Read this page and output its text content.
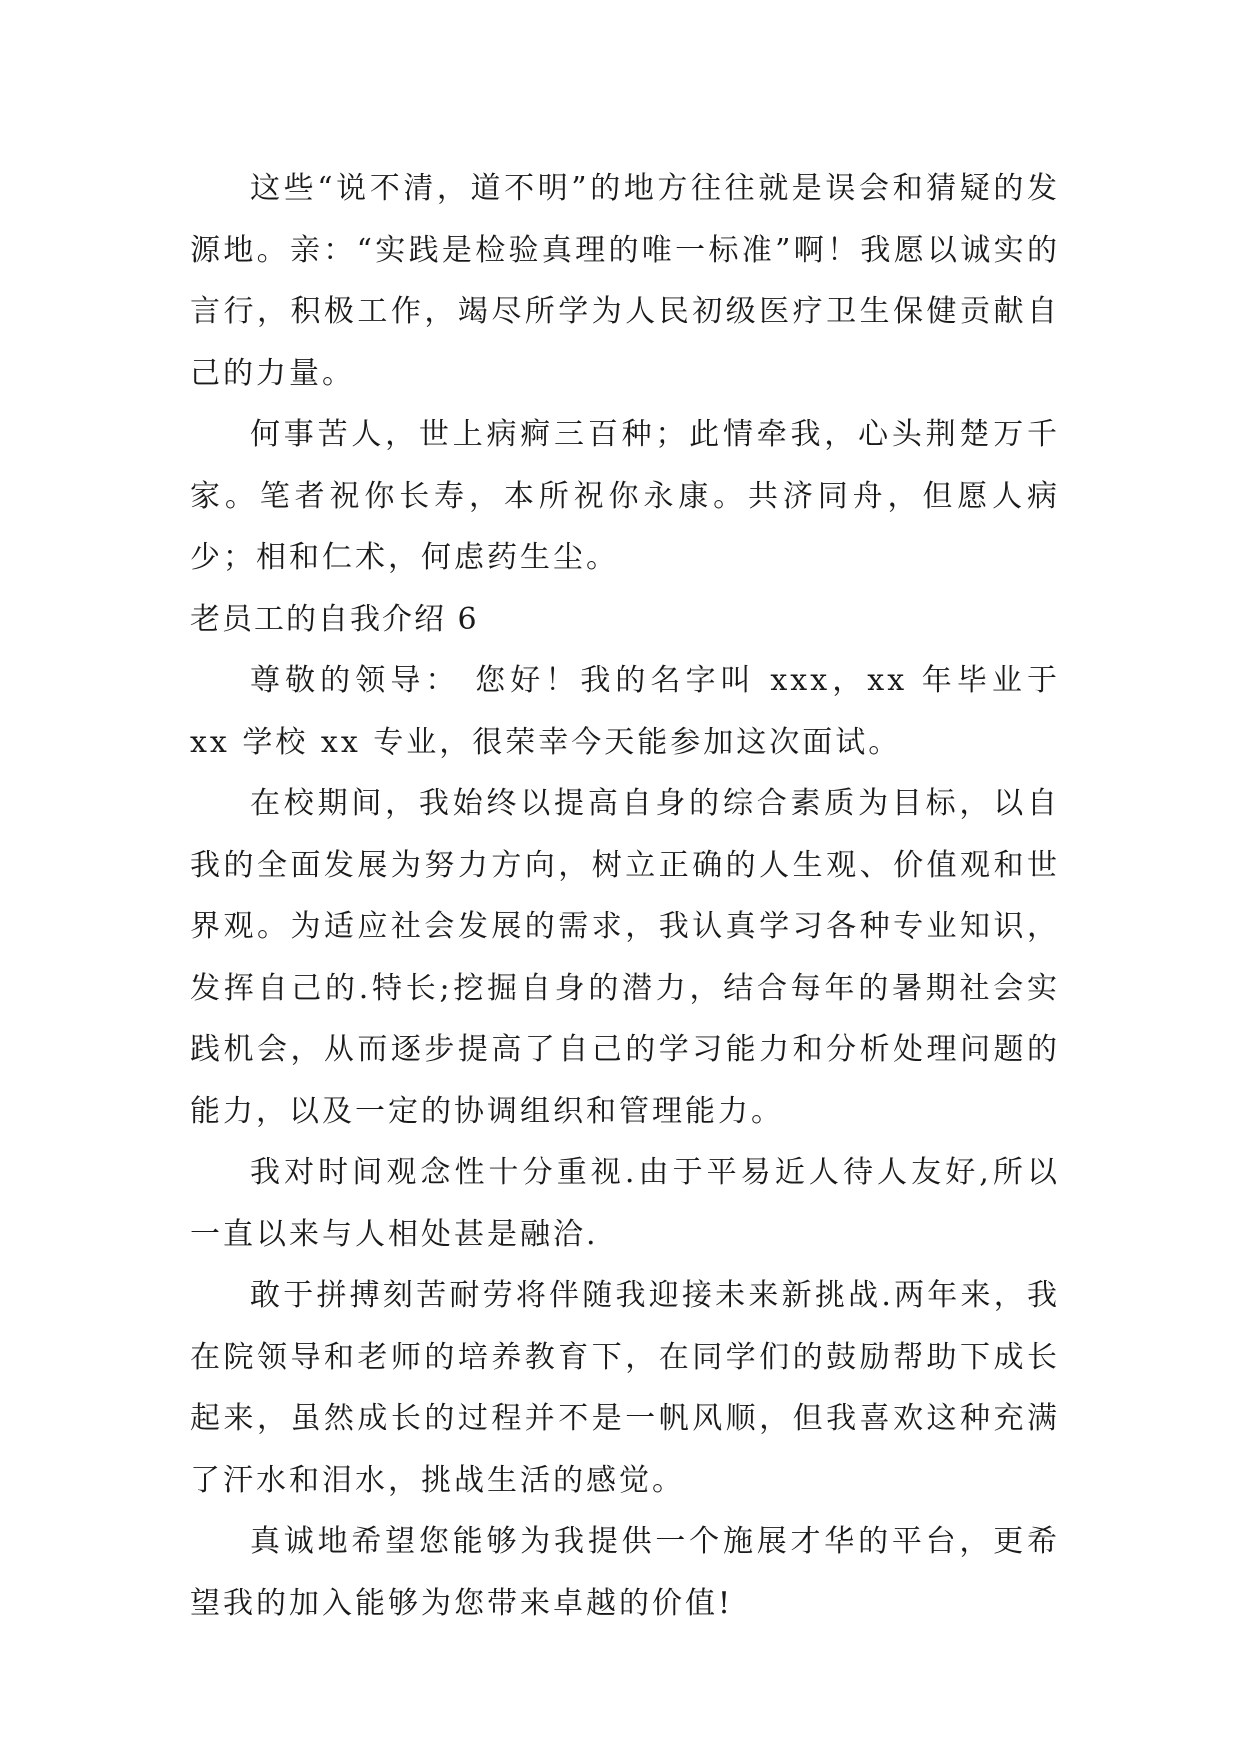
这些“说不清，道不明”的地方往往就是误会和猜疑的发源地。亲：“实践是检验真理的唯一标准”啊！我愿以诚实的言行，积极工作，竭尽所学为人民初级医疗卫生保健贡献自己的力量。

何事苦人，世上病痾三百种；此情牵我，心头荆楚万千家。笔者祝你长寿，本所祝你永康。共济同舟，但愿人病少；相和仁术，何虑药生尘。

老员工的自我介绍 6

尊敬的领导： 您好！我的名字叫 xxx，xx 年毕业于 xx 学校 xx 专业，很荣幸今天能参加这次面试。

在校期间，我始终以提高自身的综合素质为目标，以自我的全面发展为努力方向，树立正确的人生观、价值观和世界观。为适应社会发展的需求，我认真学习各种专业知识，发挥自己的.特长;挖掘自身的潜力，结合每年的暑期社会实践机会，从而逐步提高了自己的学习能力和分析处理问题的能力，以及一定的协调组织和管理能力。

我对时间观念性十分重视.由于平易近人待人友好,所以一直以来与人相处甚是融洽.

敢于拼搏刻苦耐劳将伴随我迎接未来新挑战.两年来，我在院领导和老师的培养教育下，在同学们的鼓励帮助下成长起来，虽然成长的过程并不是一帆风顺，但我喜欢这种充满了汗水和泪水，挑战生活的感觉。

真诚地希望您能够为我提供一个施展才华的平台，更希望我的加入能够为您带来卓越的价值!
